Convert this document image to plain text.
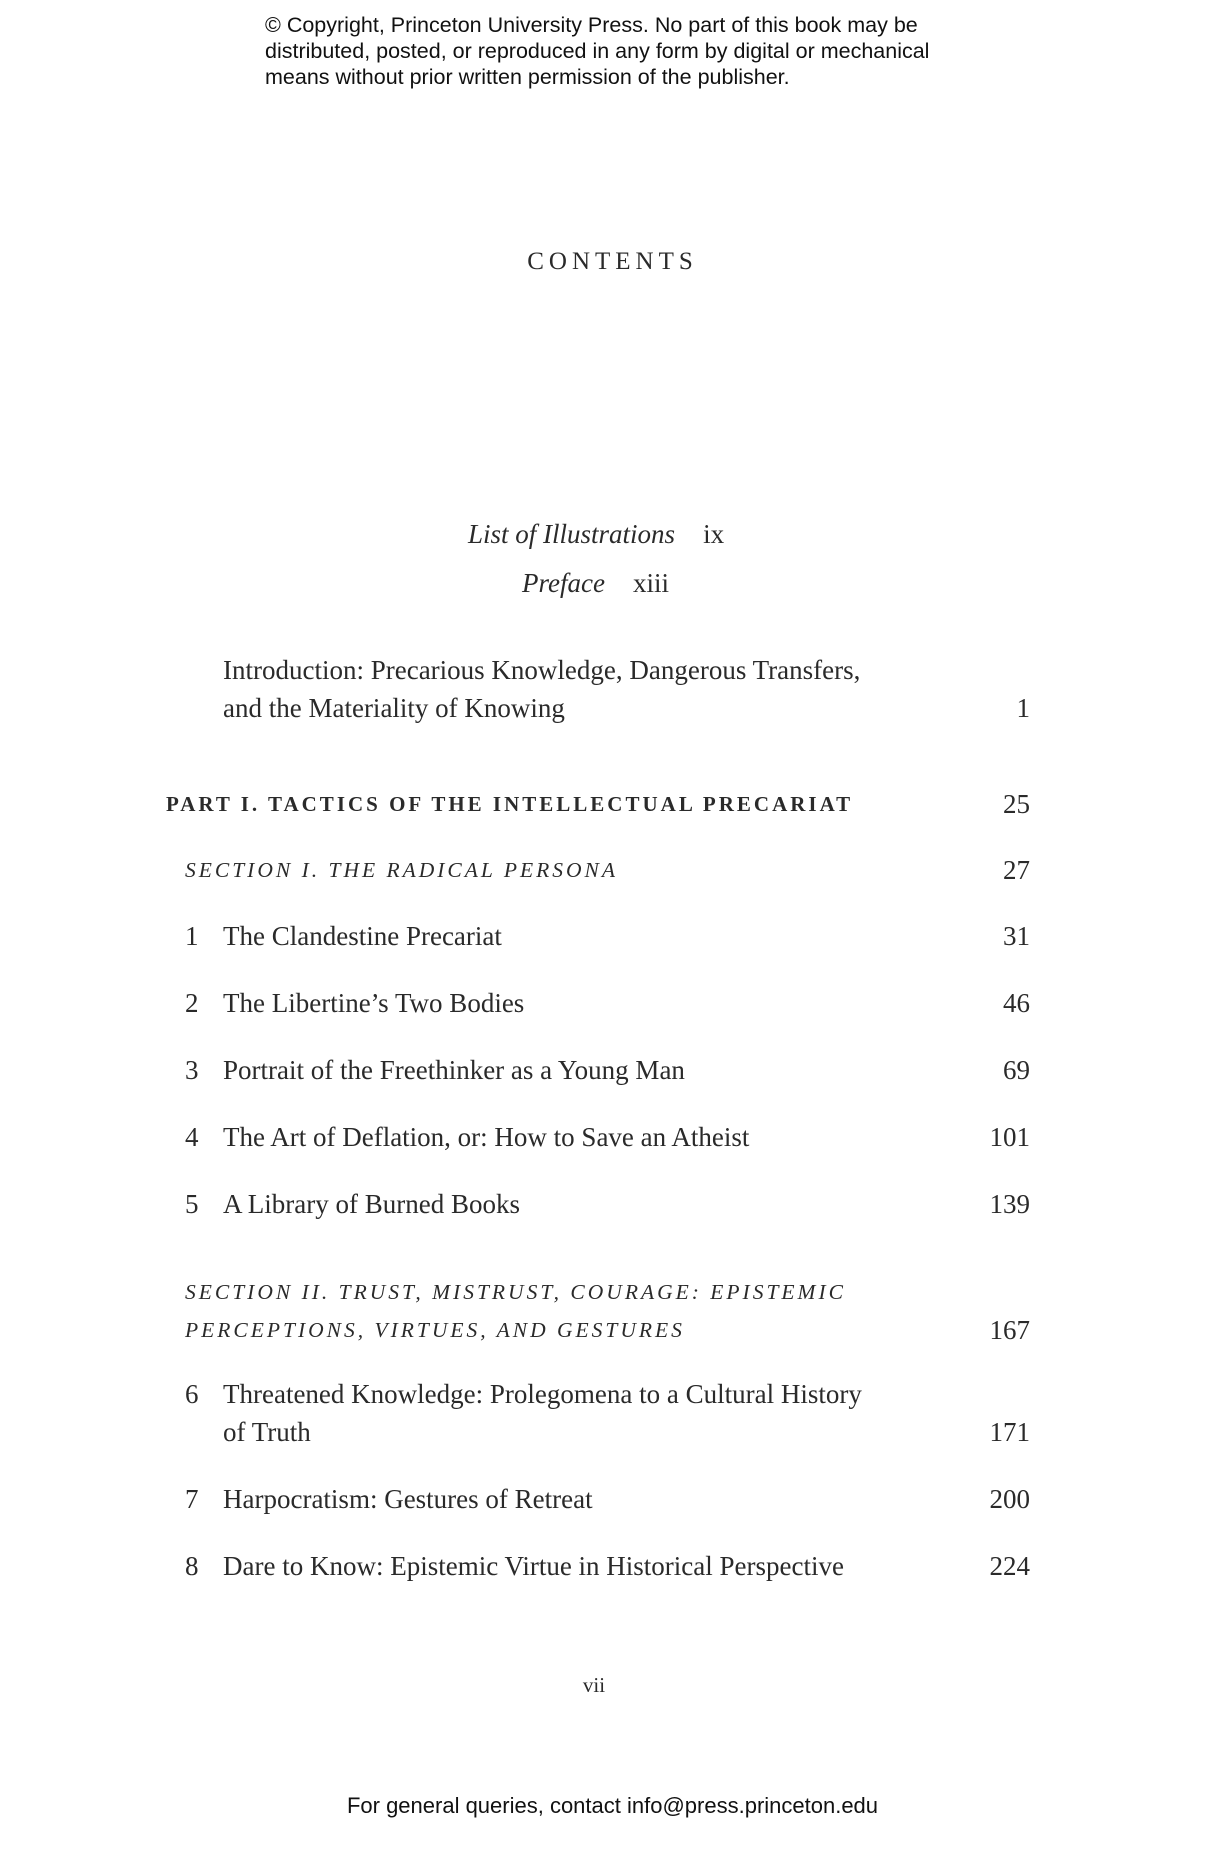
© Copyright, Princeton University Press. No part of this book may be
distributed, posted, or reproduced in any form by digital or mechanical
means without prior written permission of the publisher.
CONTENTS
List of Illustrations ix
Preface xiii
Introduction: Precarious Knowledge, Dangerous Transfers,
and the Materiality of Knowing	1
PART I. TACTICS OF THE INTELLECTUAL PRECARIAT	25
SECTION I. THE RADICAL PERSONA	27
1 The Clandestine Precariat	31
2 The Libertine’s Two Bodies	46
3 Portrait of the Freethinker as a Young Man	69
4 The Art of Deflation, or: How to Save an Atheist	101
5 A Library of Burned Books	139
SECTION II. TRUST, MISTRUST, COURAGE: EPISTEMIC
PERCEPTIONS, VIRTUES, AND GESTURES	167
6 Threatened Knowledge: Prolegomena to a Cultural History
of Truth	171
7 Harpocratism: Gestures of Retreat	200
8 Dare to Know: Epistemic Virtue in Historical Perspective	224
vii
For general queries, contact info@press.princeton.edu
